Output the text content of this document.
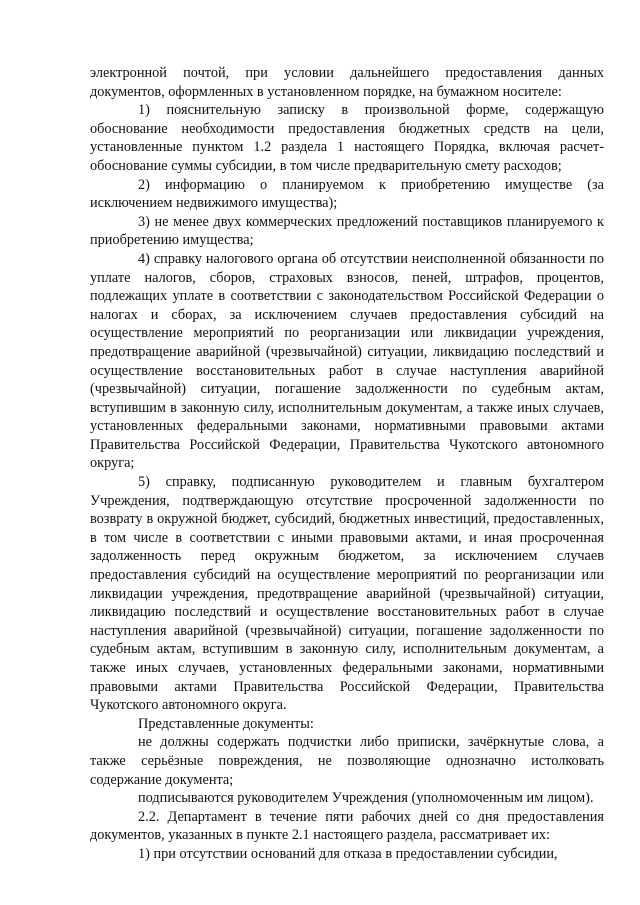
электронной почтой, при условии дальнейшего предоставления данных документов, оформленных в установленном порядке, на бумажном носителе:

1) пояснительную записку в произвольной форме, содержащую обоснование необходимости предоставления бюджетных средств на цели, установленные пунктом 1.2 раздела 1 настоящего Порядка, включая расчет-обоснование суммы субсидии, в том числе предварительную смету расходов;

2) информацию о планируемом к приобретению имуществе (за исключением недвижимого имущества);

3) не менее двух коммерческих предложений поставщиков планируемого к приобретению имущества;

4) справку налогового органа об отсутствии неисполненной обязанности по уплате налогов, сборов, страховых взносов, пеней, штрафов, процентов, подлежащих уплате в соответствии с законодательством Российской Федерации о налогах и сборах, за исключением случаев предоставления субсидий на осуществление мероприятий по реорганизации или ликвидации учреждения, предотвращение аварийной (чрезвычайной) ситуации, ликвидацию последствий и осуществление восстановительных работ в случае наступления аварийной (чрезвычайной) ситуации, погашение задолженности по судебным актам, вступившим в законную силу, исполнительным документам, а также иных случаев, установленных федеральными законами, нормативными правовыми актами Правительства Российской Федерации, Правительства Чукотского автономного округа;

5) справку, подписанную руководителем и главным бухгалтером Учреждения, подтверждающую отсутствие просроченной задолженности по возврату в окружной бюджет, субсидий, бюджетных инвестиций, предоставленных, в том числе в соответствии с иными правовыми актами, и иная просроченная задолженность перед окружным бюджетом, за исключением случаев предоставления субсидий на осуществление мероприятий по реорганизации или ликвидации учреждения, предотвращение аварийной (чрезвычайной) ситуации, ликвидацию последствий и осуществление восстановительных работ в случае наступления аварийной (чрезвычайной) ситуации, погашение задолженности по судебным актам, вступившим в законную силу, исполнительным документам, а также иных случаев, установленных федеральными законами, нормативными правовыми актами Правительства Российской Федерации, Правительства Чукотского автономного округа.

Представленные документы:

не должны содержать подчистки либо приписки, зачёркнутые слова, а также серьёзные повреждения, не позволяющие однозначно истолковать содержание документа;

подписываются руководителем Учреждения (уполномоченным им лицом).

2.2. Департамент в течение пяти рабочих дней со дня предоставления документов, указанных в пункте 2.1 настоящего раздела, рассматривает их:

1) при отсутствии оснований для отказа в предоставлении субсидии,
